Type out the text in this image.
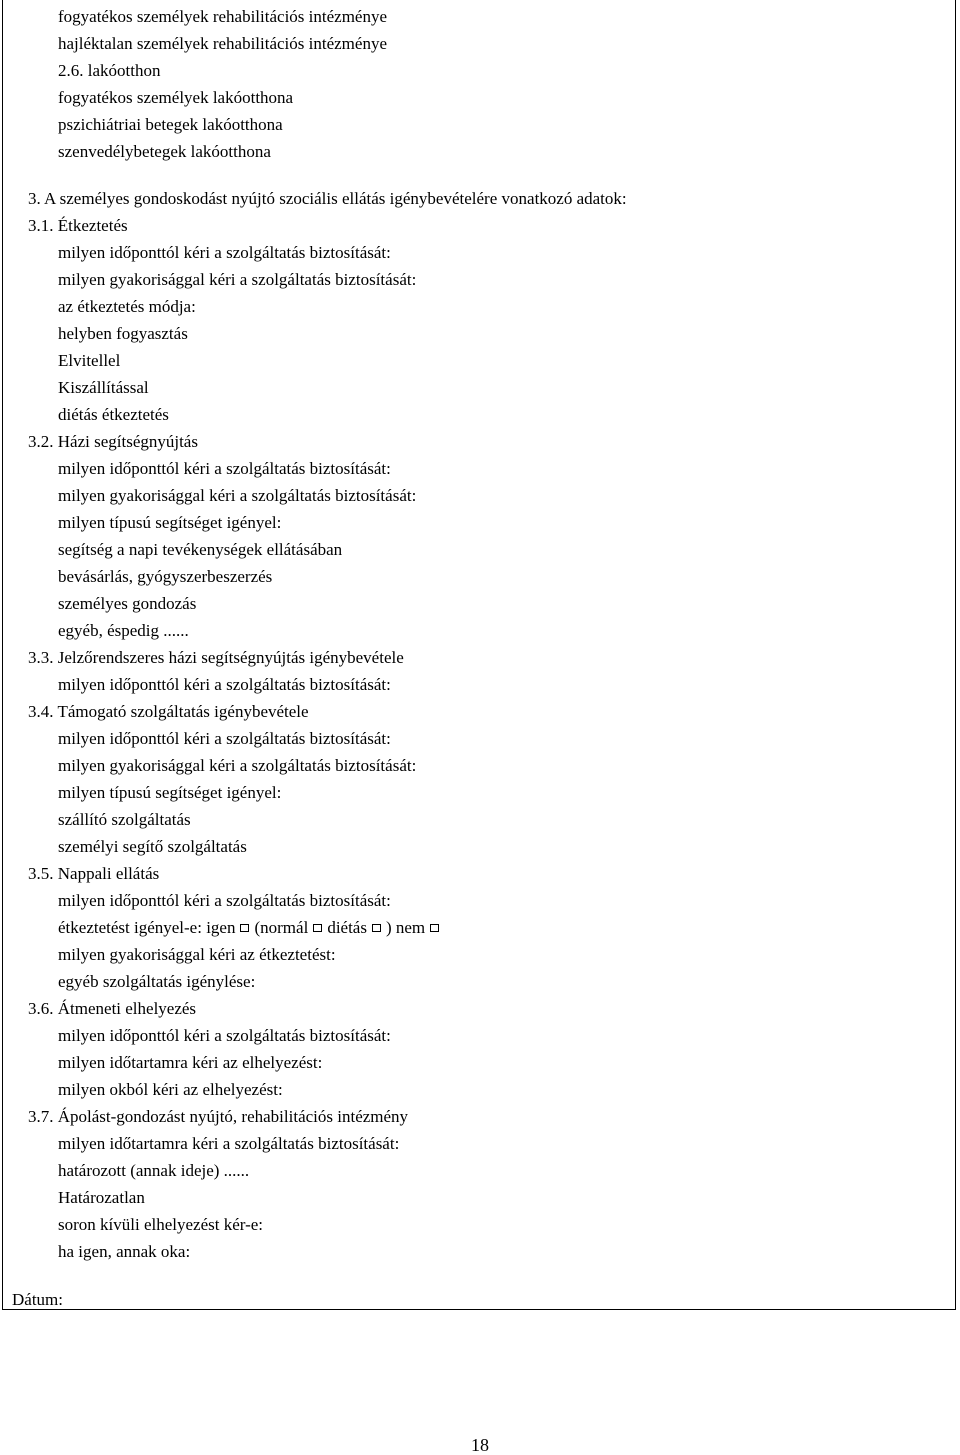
fogyatékos személyek rehabilitációs intézménye
hajléktalan személyek rehabilitációs intézménye
2.6. lakóotthon
fogyatékos személyek lakóotthona
pszichiátriai betegek lakóotthona
szenvedélybetegek lakóotthona
3. A személyes gondoskodást nyújtó szociális ellátás igénybevételére vonatkozó adatok:
3.1. Étkeztetés
milyen időponttól kéri a szolgáltatás biztosítását:
milyen gyakorisággal kéri a szolgáltatás biztosítását:
az étkeztetés módja:
helyben fogyasztás
Elvitellel
Kiszállítással
diétás étkeztetés
3.2. Házi segítségnyújtás
milyen időponttól kéri a szolgáltatás biztosítását:
milyen gyakorisággal kéri a szolgáltatás biztosítását:
milyen típusú segítséget igényel:
segítség a napi tevékenységek ellátásában
bevásárlás, gyógyszerbeszerzés
személyes gondozás
egyéb, éspedig ......
3.3. Jelzőrendszeres házi segítségnyújtás igénybevétele
milyen időponttól kéri a szolgáltatás biztosítását:
3.4. Támogató szolgáltatás igénybevétele
milyen időponttól kéri a szolgáltatás biztosítását:
milyen gyakorisággal kéri a szolgáltatás biztosítását:
milyen típusú segítséget igényel:
szállító szolgáltatás
személyi segítő szolgáltatás
3.5. Nappali ellátás
milyen időponttól kéri a szolgáltatás biztosítását:
étkeztetést igényel-e: igen (normál diétás ) nem
milyen gyakorisággal kéri az étkeztetést:
egyéb szolgáltatás igénylése:
3.6. Átmeneti elhelyezés
milyen időponttól kéri a szolgáltatás biztosítását:
milyen időtartamra kéri az elhelyezést:
milyen okból kéri az elhelyezést:
3.7. Ápolást-gondozást nyújtó, rehabilitációs intézmény
milyen időtartamra kéri a szolgáltatás biztosítását:
határozott (annak ideje) ......
Határozatlan
soron kívüli elhelyezést kér-e:
ha igen, annak oka:
Dátum:
18
